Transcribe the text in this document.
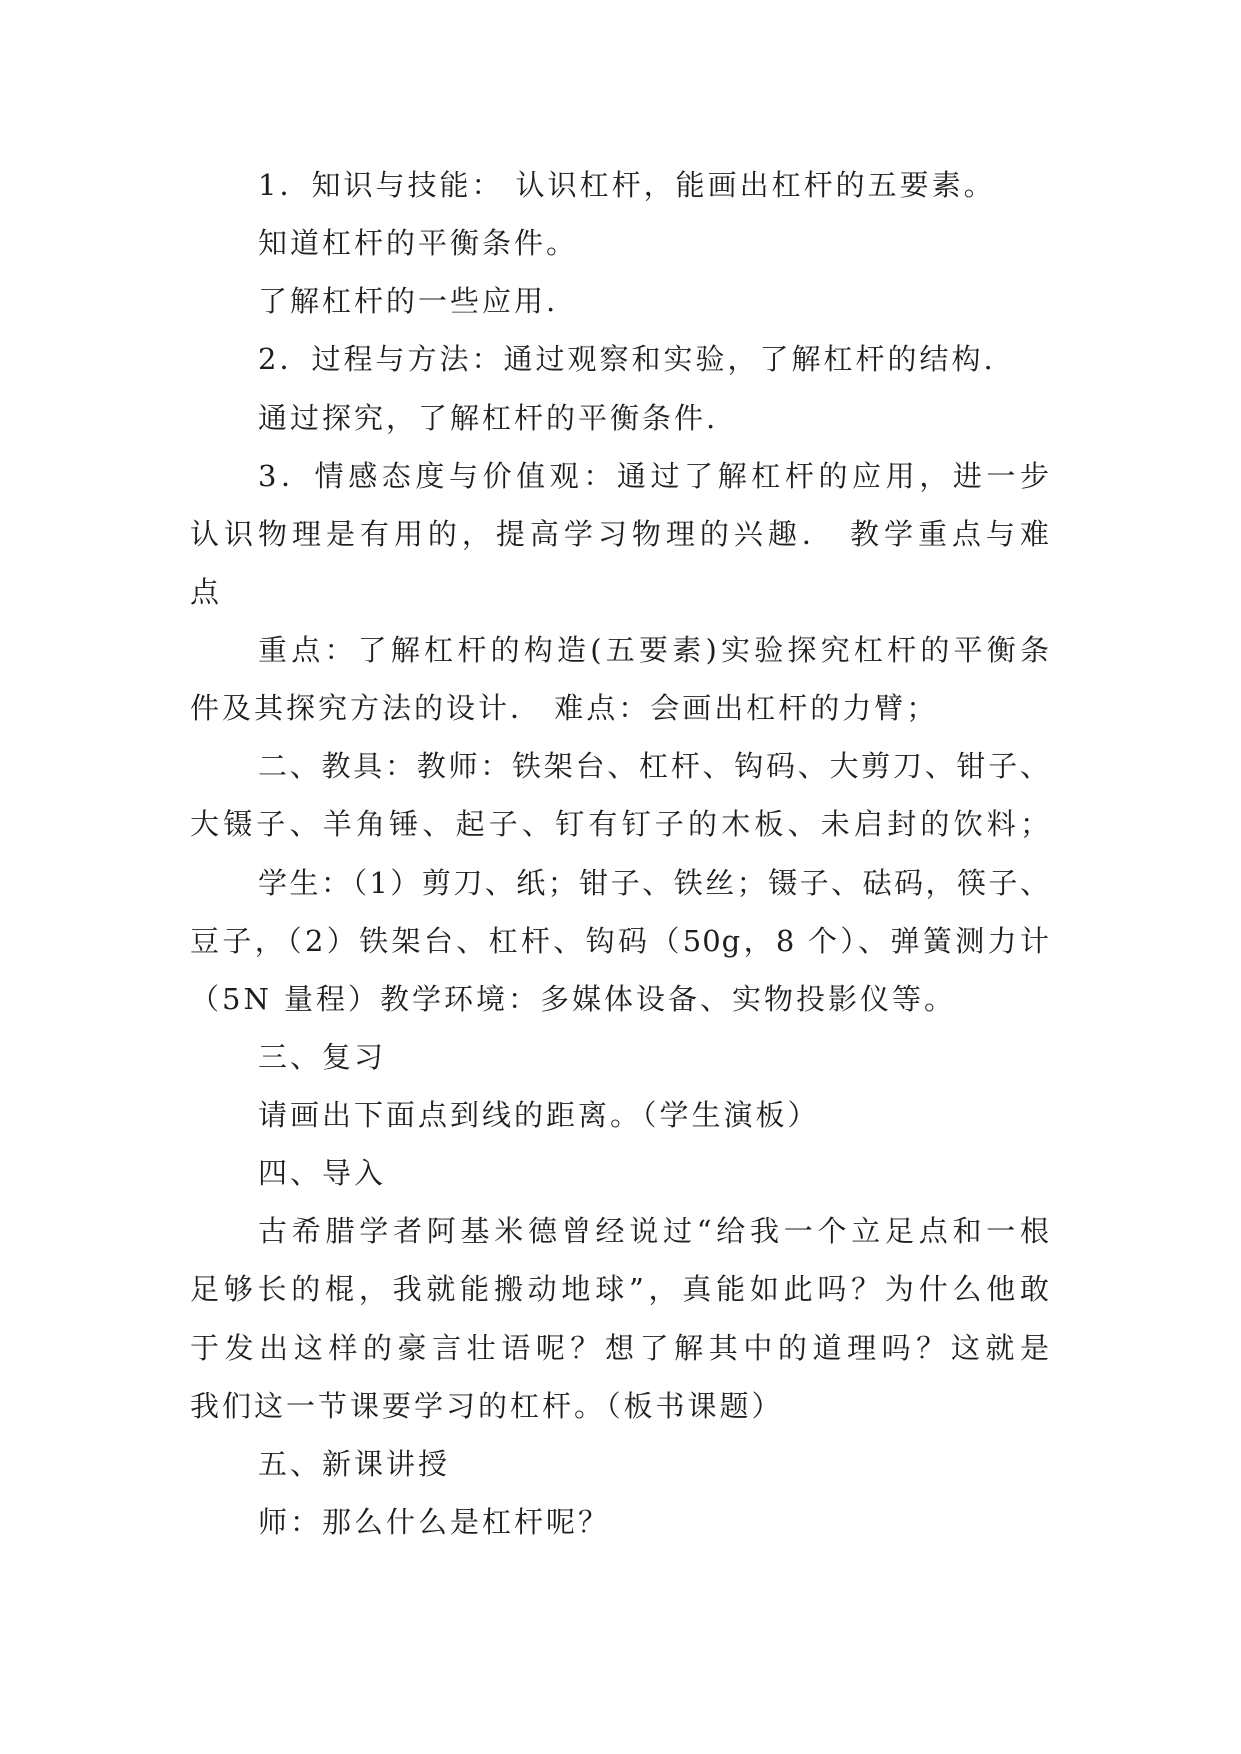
1．知识与技能： 认识杠杆，能画出杠杆的五要素。
知道杠杆的平衡条件。
了解杠杆的一些应用.
2．过程与方法：通过观察和实验，了解杠杆的结构.
通过探究，了解杠杆的平衡条件.
3．情感态度与价值观：通过了解杠杆的应用，进一步
认识物理是有用的，提高学习物理的兴趣． 教学重点与难
点
重点：了解杠杆的构造(五要素)实验探究杠杆的平衡条
件及其探究方法的设计． 难点：会画出杠杆的力臂；
二、教具：教师：铁架台、杠杆、钩码、大剪刀、钳子、
大镊子、羊角锤、起子、钉有钉子的木板、未启封的饮料；
学生：（1）剪刀、纸；钳子、铁丝；镊子、砝码，筷子、
豆子，（2）铁架台、杠杆、钩码（50g，8 个）、弹簧测力计
（5N 量程）教学环境：多媒体设备、实物投影仪等。
三、复习
请画出下面点到线的距离。（学生演板）
四、导入
古希腊学者阿基米德曾经说过“给我一个立足点和一根
足够长的棍，我就能搬动地球”，真能如此吗？为什么他敢
于发出这样的豪言壮语呢？想了解其中的道理吗？这就是
我们这一节课要学习的杠杆。（板书课题）
五、新课讲授
师：那么什么是杠杆呢？
